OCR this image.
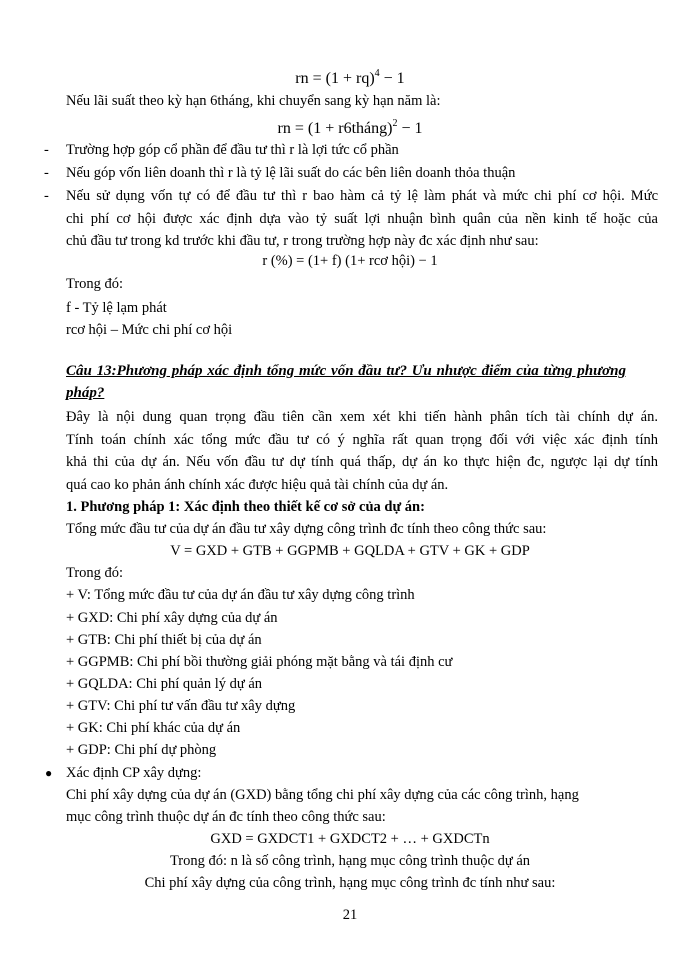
rn = (1 + rq)$^4$ − 1
Nếu lãi suất theo kỳ hạn 6tháng, khi chuyển sang kỳ hạn năm là:
rn = (1 + r6tháng)$^2$ − 1
- Trường hợp góp cổ phần để đầu tư thì r là lợi tức cổ phần
- Nếu góp vốn liên doanh thì r là tỷ lệ lãi suất do các bên liên doanh thỏa thuận
- Nếu sử dụng vốn tự có để đầu tư thì r bao hàm cả tỷ lệ làm phát và mức chi phí cơ hội. Mức
chi phí cơ hội được xác định dựa vào tỷ suất lợi nhuận bình quân của nền kinh tế hoặc của
chủ đầu tư trong kd trước khi đầu tư, r trong trường hợp này đc xác định như sau:
r (%) = (1+ f) (1+ rcơ hội) − 1
Trong đó:
f - Tỷ lệ lạm phát
rcơ hội – Mức chi phí cơ hội
Câu 13:Phương pháp xác định tổng mức vốn đầu tư? Ưu nhược điểm của từng phương
pháp?
Đây là nội dung quan trọng đầu tiên cần xem xét khi tiến hành phân tích tài chính dự án.
Tính toán chính xác tổng mức đầu tư có ý nghĩa rất quan trọng đối với việc xác định tính
khả thi của dự án. Nếu vốn đầu tư dự tính quá thấp, dự án ko thực hiện đc, ngược lại dự tính
quá cao ko phản ánh chính xác được hiệu quả tài chính của dự án.
1. Phương pháp 1: Xác định theo thiết kế cơ sở của dự án:
Tổng mức đầu tư của dự án đầu tư xây dựng công trình đc tính theo công thức sau:
V = GXD + GTB + GGPMB + GQLDA + GTV + GK + GDP
Trong đó:
+ V: Tổng mức đầu tư của dự án đầu tư xây dựng công trình
+ GXD: Chi phí xây dựng của dự án
+ GTB: Chi phí thiết bị của dự án
+ GGPMB: Chi phí bồi thường giải phóng mặt bằng và tái định cư
+ GQLDA: Chi phí quản lý dự án
+ GTV: Chi phí tư vấn đầu tư xây dựng
+ GK: Chi phí khác của dự án
+ GDP: Chi phí dự phòng
● Xác định CP xây dựng:
Chi phí xây dựng của dự án (GXD) bằng tổng chi phí xây dựng của các công trình, hạng
mục công trình thuộc dự án đc tính theo công thức sau:
GXD = GXDCT1 + GXDCT2 + … + GXDCTn
Trong đó: n là số công trình, hạng mục công trình thuộc dự án
Chi phí xây dựng của công trình, hạng mục công trình đc tính như sau:
21
